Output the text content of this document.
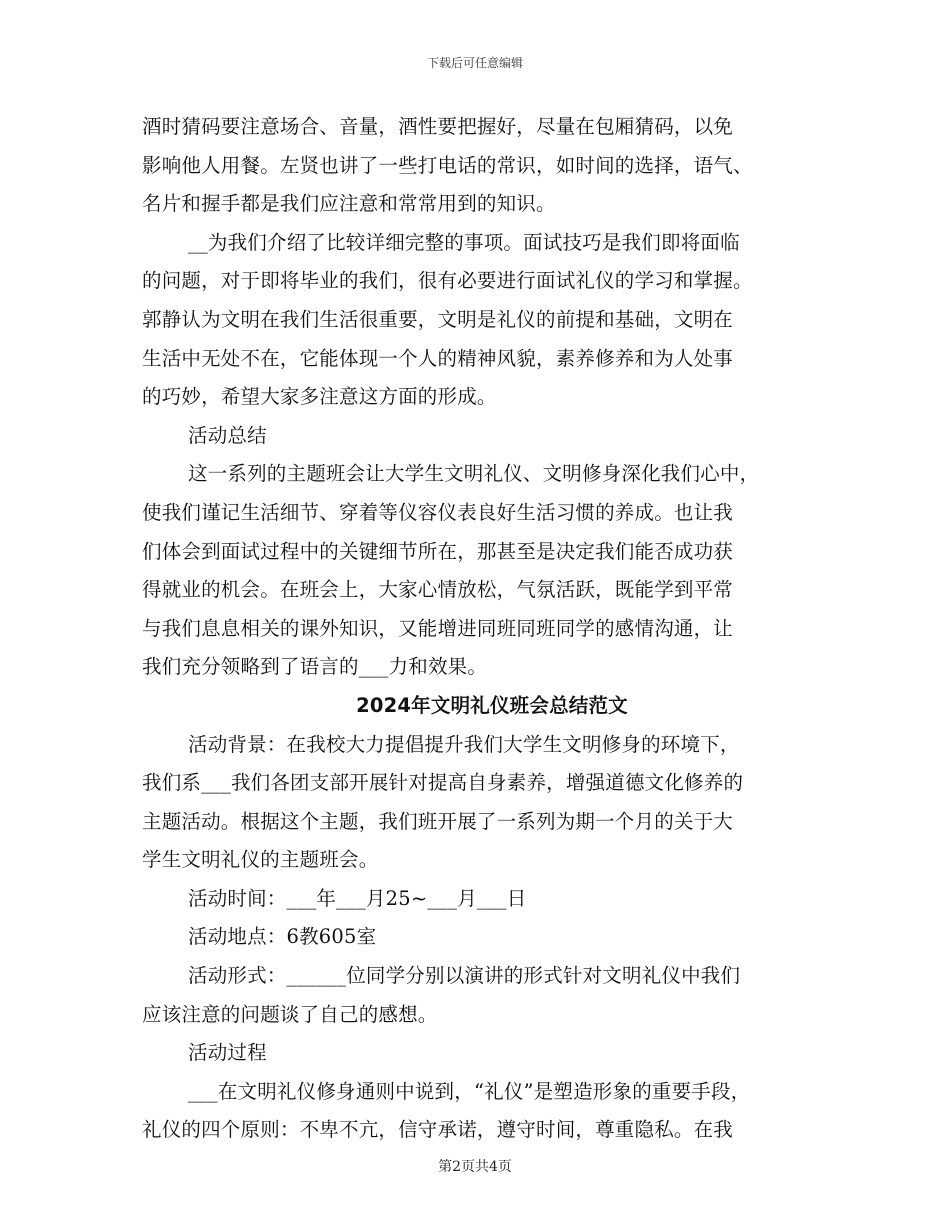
下载后可任意编辑
酒时猜码要注意场合、音量，酒性要把握好，尽量在包厢猜码，以免
影响他人用餐。左贤也讲了一些打电话的常识，如时间的选择，语气、
名片和握手都是我们应注意和常常用到的知识。
__为我们介绍了比较详细完整的事项。面试技巧是我们即将面临
的问题，对于即将毕业的我们，很有必要进行面试礼仪的学习和掌握。
郭静认为文明在我们生活很重要，文明是礼仪的前提和基础，文明在
生活中无处不在，它能体现一个人的精神风貌，素养修养和为人处事
的巧妙，希望大家多注意这方面的形成。
活动总结
这一系列的主题班会让大学生文明礼仪、文明修身深化我们心中，
使我们谨记生活细节、穿着等仪容仪表良好生活习惯的养成。也让我
们体会到面试过程中的关键细节所在，那甚至是决定我们能否成功获
得就业的机会。在班会上，大家心情放松，气氛活跃，既能学到平常
与我们息息相关的课外知识，又能增进同班同班同学的感情沟通，让
我们充分领略到了语言的___力和效果。
2024年文明礼仪班会总结范文
活动背景：在我校大力提倡提升我们大学生文明修身的环境下，
我们系___我们各团支部开展针对提高自身素养，增强道德文化修养的
主题活动。根据这个主题，我们班开展了一系列为期一个月的关于大
学生文明礼仪的主题班会。
活动时间：___年___月25~___月___日
活动地点：6教605室
活动形式：______位同学分别以演讲的形式针对文明礼仪中我们
应该注意的问题谈了自己的感想。
活动过程
___在文明礼仪修身通则中说到，“礼仪”是塑造形象的重要手段，
礼仪的四个原则：不卑不亢，信守承诺，遵守时间，尊重隐私。在我
第2页共4页
